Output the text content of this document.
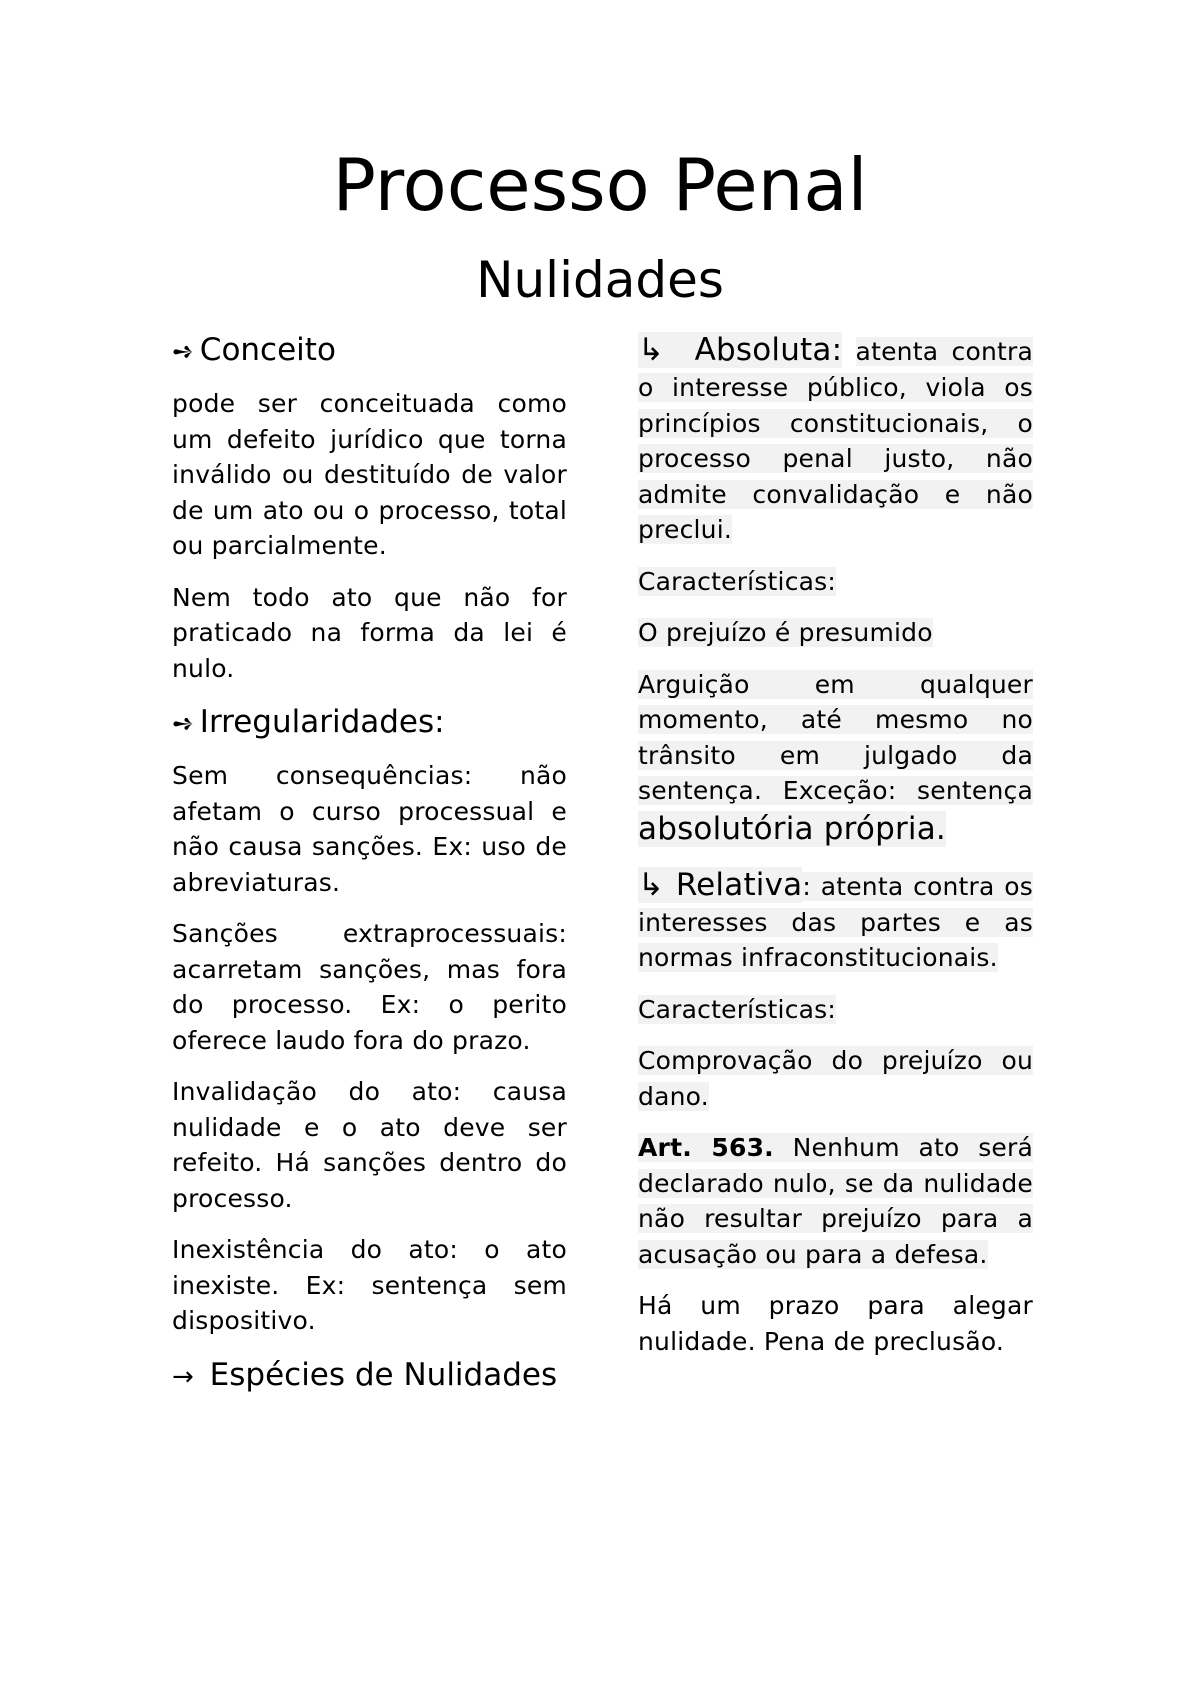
Processo Penal
Nulidades

➺ Conceito

pode ser conceituada como um defeito jurídico que torna inválido ou destituído de valor de um ato ou o processo, total ou parcialmente.

Nem todo ato que não for praticado na forma da lei é nulo.

➺ Irregularidades:

Sem consequências: não afetam o curso processual e não causa sanções. Ex: uso de abreviaturas.

Sanções extraprocessuais: acarretam sanções, mas fora do processo. Ex: o perito oferece laudo fora do prazo.

Invalidação do ato: causa nulidade e o ato deve ser refeito. Há sanções dentro do processo.

Inexistência do ato: o ato inexiste. Ex: sentença sem dispositivo.

→ Espécies de Nulidades

↳ Absoluta: atenta contra o interesse público, viola os princípios constitucionais, o processo penal justo, não admite convalidação e não preclui.

Características:

O prejuízo é presumido

Arguição em qualquer momento, até mesmo no trânsito em julgado da sentença. Exceção: sentença absolutória própria.

↳ Relativa: atenta contra os interesses das partes e as normas infraconstitucionais.

Características:

Comprovação do prejuízo ou dano.

Art. 563. Nenhum ato será declarado nulo, se da nulidade não resultar prejuízo para a acusação ou para a defesa.

Há um prazo para alegar nulidade. Pena de preclusão.
